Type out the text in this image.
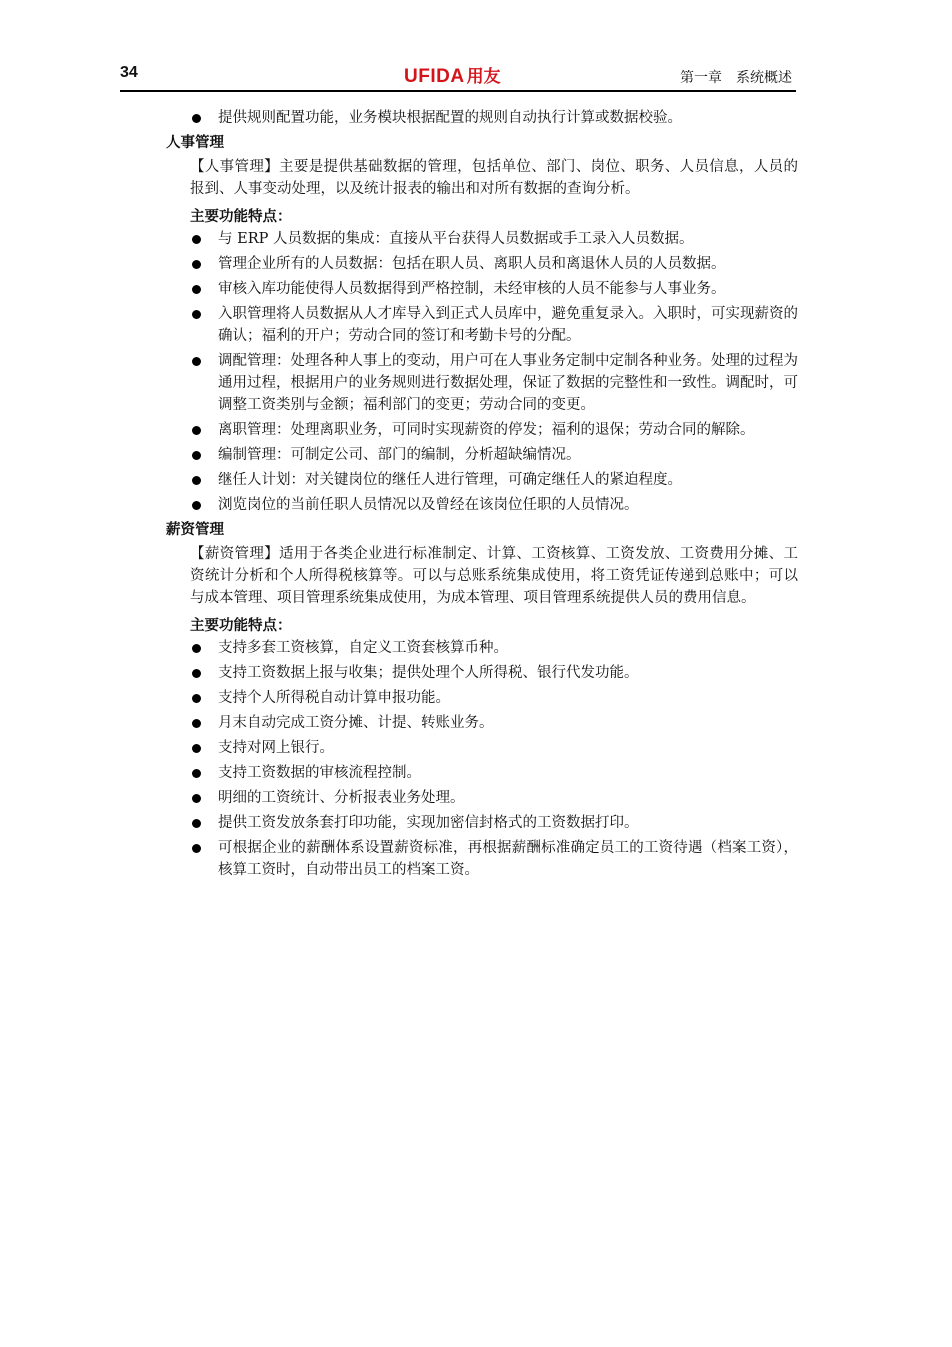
34	UFIDA 用友	第一章 系统概述
提供规则配置功能，业务模块根据配置的规则自动执行计算或数据校验。
人事管理
【人事管理】主要是提供基础数据的管理，包括单位、部门、岗位、职务、人员信息，人员的报到、人事变动处理，以及统计报表的输出和对所有数据的查询分析。
主要功能特点：
与 ERP 人员数据的集成：直接从平台获得人员数据或手工录入人员数据。
管理企业所有的人员数据：包括在职人员、离职人员和离退休人员的人员数据。
审核入库功能使得人员数据得到严格控制，未经审核的人员不能参与人事业务。
入职管理将人员数据从人才库导入到正式人员库中，避免重复录入。入职时，可实现薪资的确认；福利的开户；劳动合同的签订和考勤卡号的分配。
调配管理：处理各种人事上的变动，用户可在人事业务定制中定制各种业务。处理的过程为通用过程，根据用户的业务规则进行数据处理，保证了数据的完整性和一致性。调配时，可调整工资类别与金额；福利部门的变更；劳动合同的变更。
离职管理：处理离职业务，可同时实现薪资的停发；福利的退保；劳动合同的解除。
编制管理：可制定公司、部门的编制，分析超缺编情况。
继任人计划：对关键岗位的继任人进行管理，可确定继任人的紧迫程度。
浏览岗位的当前任职人员情况以及曾经在该岗位任职的人员情况。
薪资管理
【薪资管理】适用于各类企业进行标准制定、计算、工资核算、工资发放、工资费用分摊、工资统计分析和个人所得税核算等。可以与总账系统集成使用，将工资凭证传递到总账中；可以与成本管理、项目管理系统集成使用，为成本管理、项目管理系统提供人员的费用信息。
主要功能特点：
支持多套工资核算，自定义工资套核算币种。
支持工资数据上报与收集；提供处理个人所得税、银行代发功能。
支持个人所得税自动计算申报功能。
月末自动完成工资分摊、计提、转账业务。
支持对网上银行。
支持工资数据的审核流程控制。
明细的工资统计、分析报表业务处理。
提供工资发放条套打印功能，实现加密信封格式的工资数据打印。
可根据企业的薪酬体系设置薪资标准，再根据薪酬标准确定员工的工资待遇（档案工资），核算工资时，自动带出员工的档案工资。
